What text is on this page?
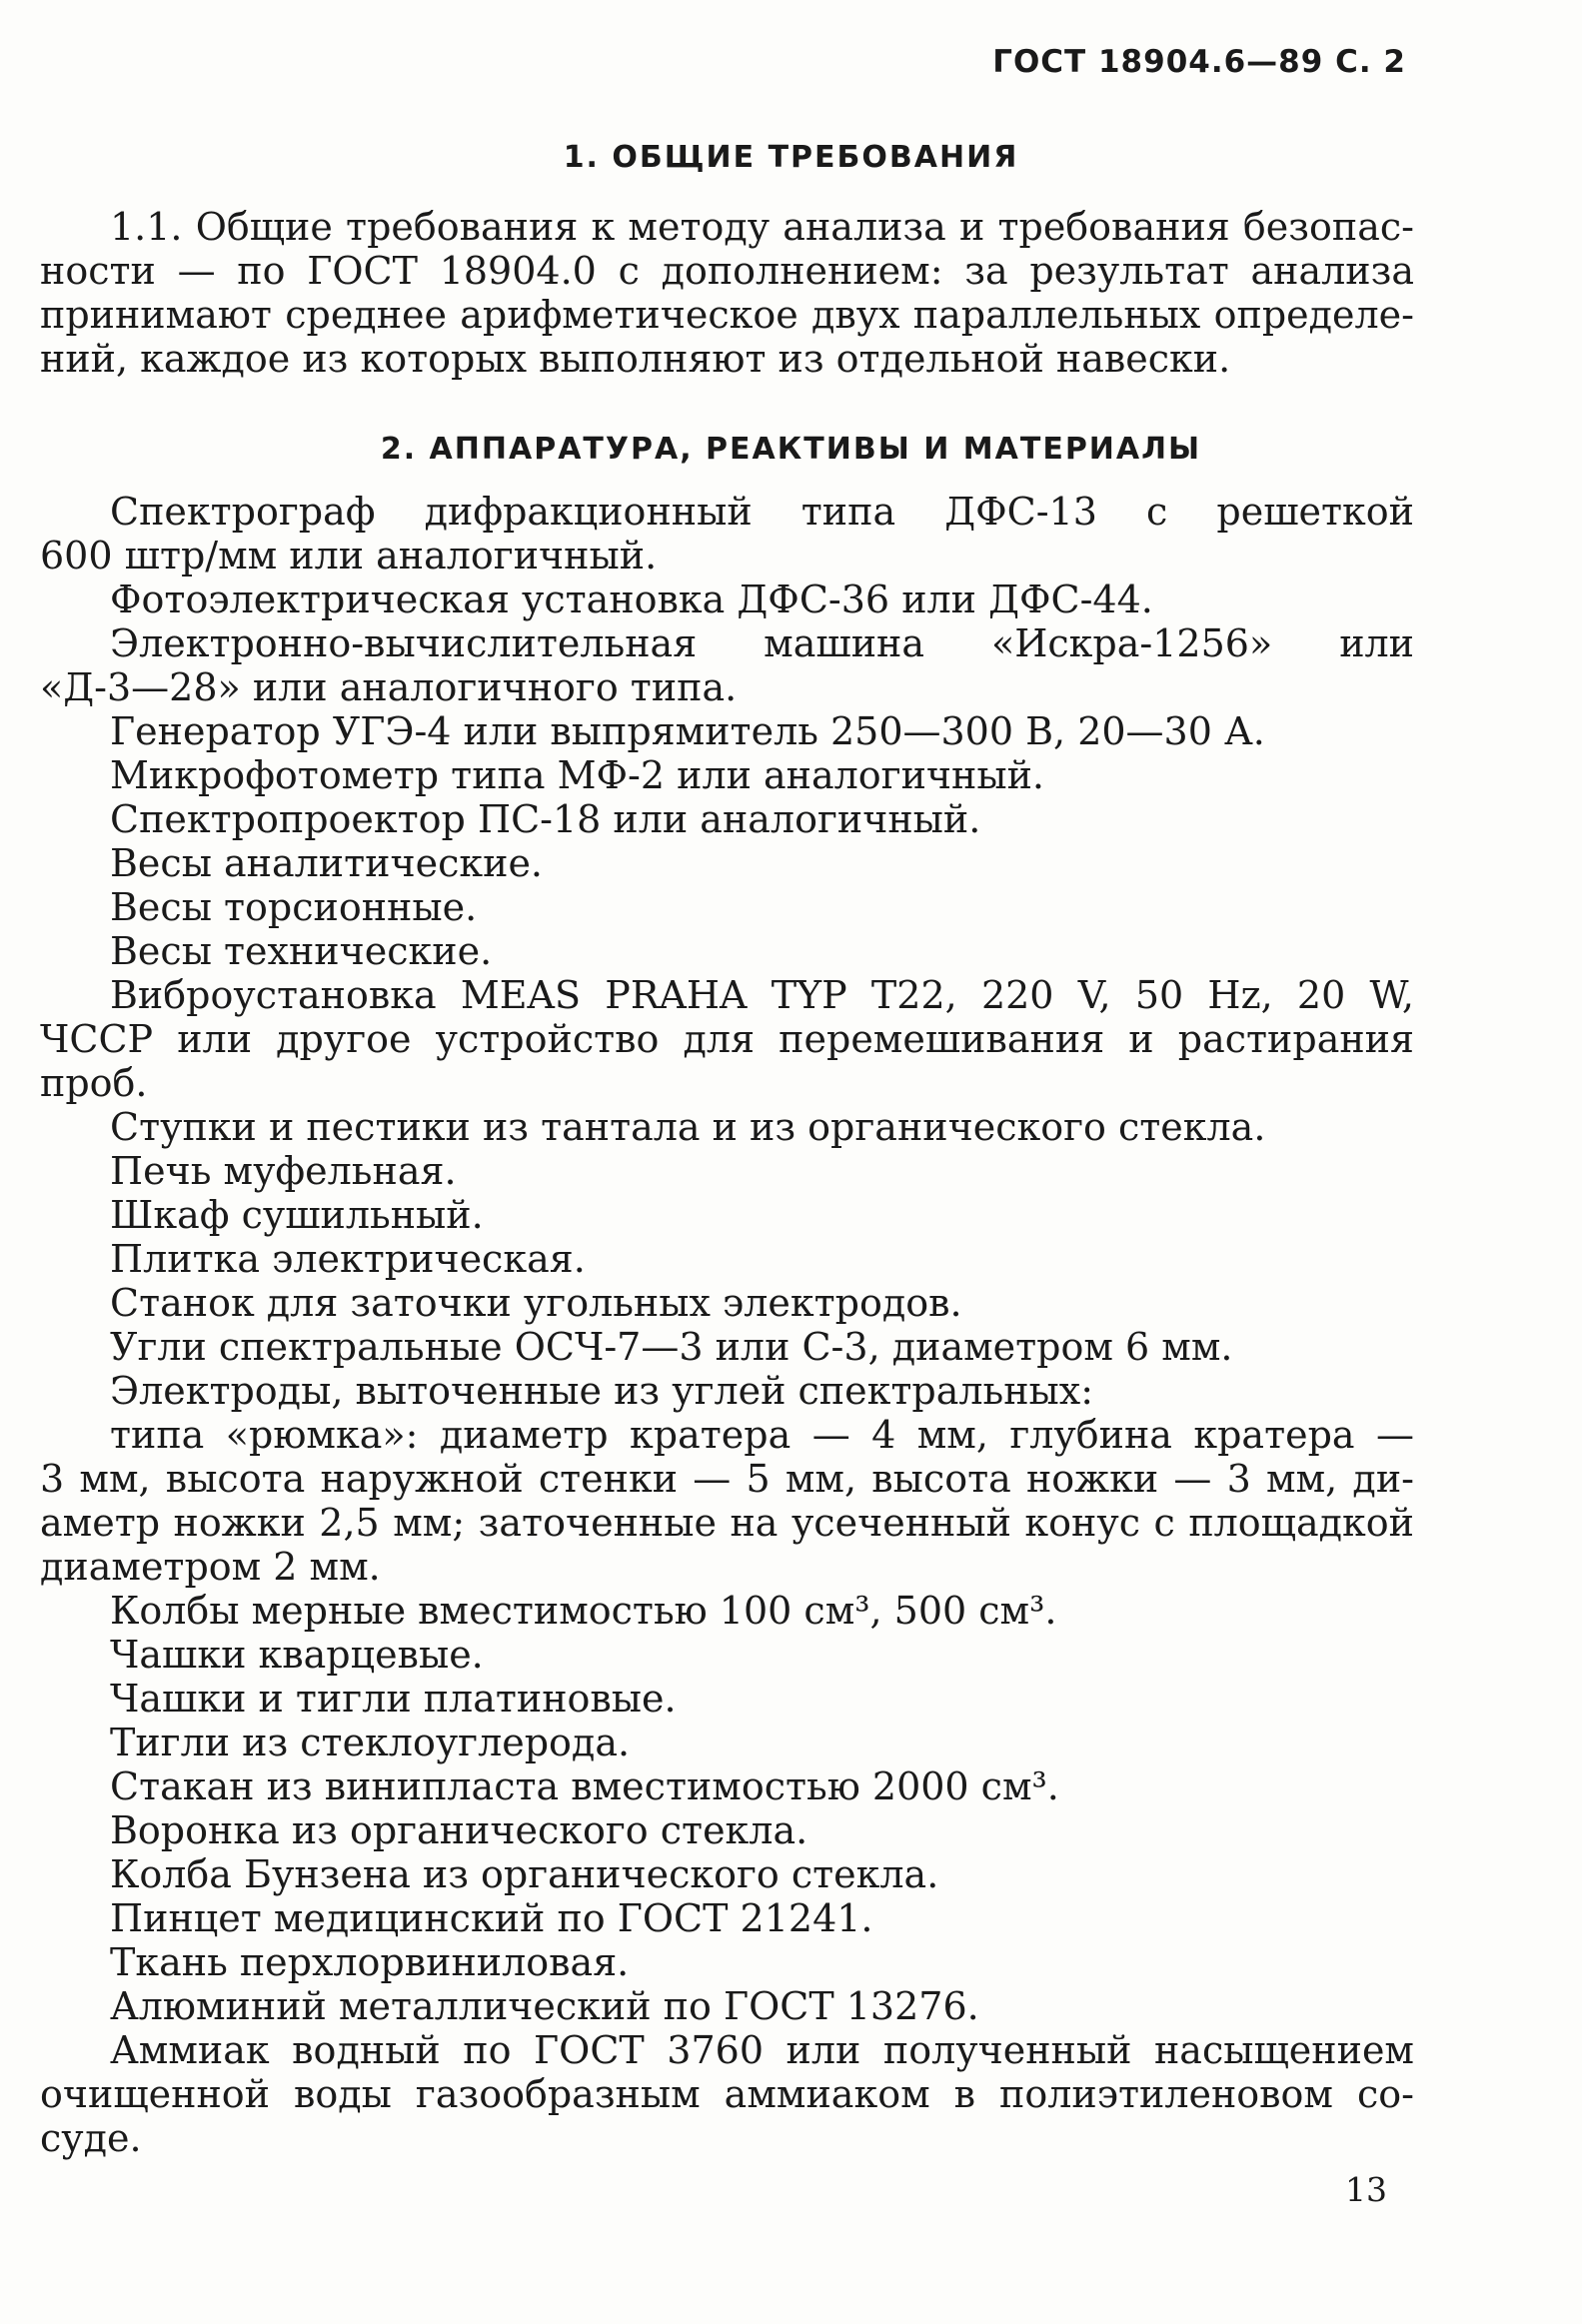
ГОСТ 18904.6—89 С. 2
1. ОБЩИЕ ТРЕБОВАНИЯ
1.1. Общие требования к методу анализа и требования безопас-
ности — по ГОСТ 18904.0 с дополнением: за результат анализа
принимают среднее арифметическое двух параллельных определе-
ний, каждое из которых выполняют из отдельной навески.
2. АППАРАТУРА, РЕАКТИВЫ И МАТЕРИАЛЫ
Спектрограф дифракционный типа ДФС-13 с решеткой
600 штр/мм или аналогичный.
Фотоэлектрическая установка ДФС-36 или ДФС-44.
Электронно-вычислительная машина «Искра-1256» или
«Д-3—28» или аналогичного типа.
Генератор УГЭ-4 или выпрямитель 250—300 В, 20—30 А.
Микрофотометр типа МФ-2 или аналогичный.
Спектропроектор ПС-18 или аналогичный.
Весы аналитические.
Весы торсионные.
Весы технические.
Виброустановка MEAS PRAHA TYP T22, 220 V, 50 Hz, 20 W,
ЧССР или другое устройство для перемешивания и растирания
проб.
Ступки и пестики из тантала и из органического стекла.
Печь муфельная.
Шкаф сушильный.
Плитка электрическая.
Станок для заточки угольных электродов.
Угли спектральные ОСЧ-7—3 или С-3, диаметром 6 мм.
Электроды, выточенные из углей спектральных:
типа «рюмка»: диаметр кратера — 4 мм, глубина кратера —
3 мм, высота наружной стенки — 5 мм, высота ножки — 3 мм, ди-
аметр ножки 2,5 мм; заточенные на усеченный конус с площадкой
диаметром 2 мм.
Колбы мерные вместимостью 100 см³, 500 см³.
Чашки кварцевые.
Чашки и тигли платиновые.
Тигли из стеклоуглерода.
Стакан из винипласта вместимостью 2000 см³.
Воронка из органического стекла.
Колба Бунзена из органического стекла.
Пинцет медицинский по ГОСТ 21241.
Ткань перхлорвиниловая.
Алюминий металлический по ГОСТ 13276.
Аммиак водный по ГОСТ 3760 или полученный насыщением
очищенной воды газообразным аммиаком в полиэтиленовом со-
суде.
13
